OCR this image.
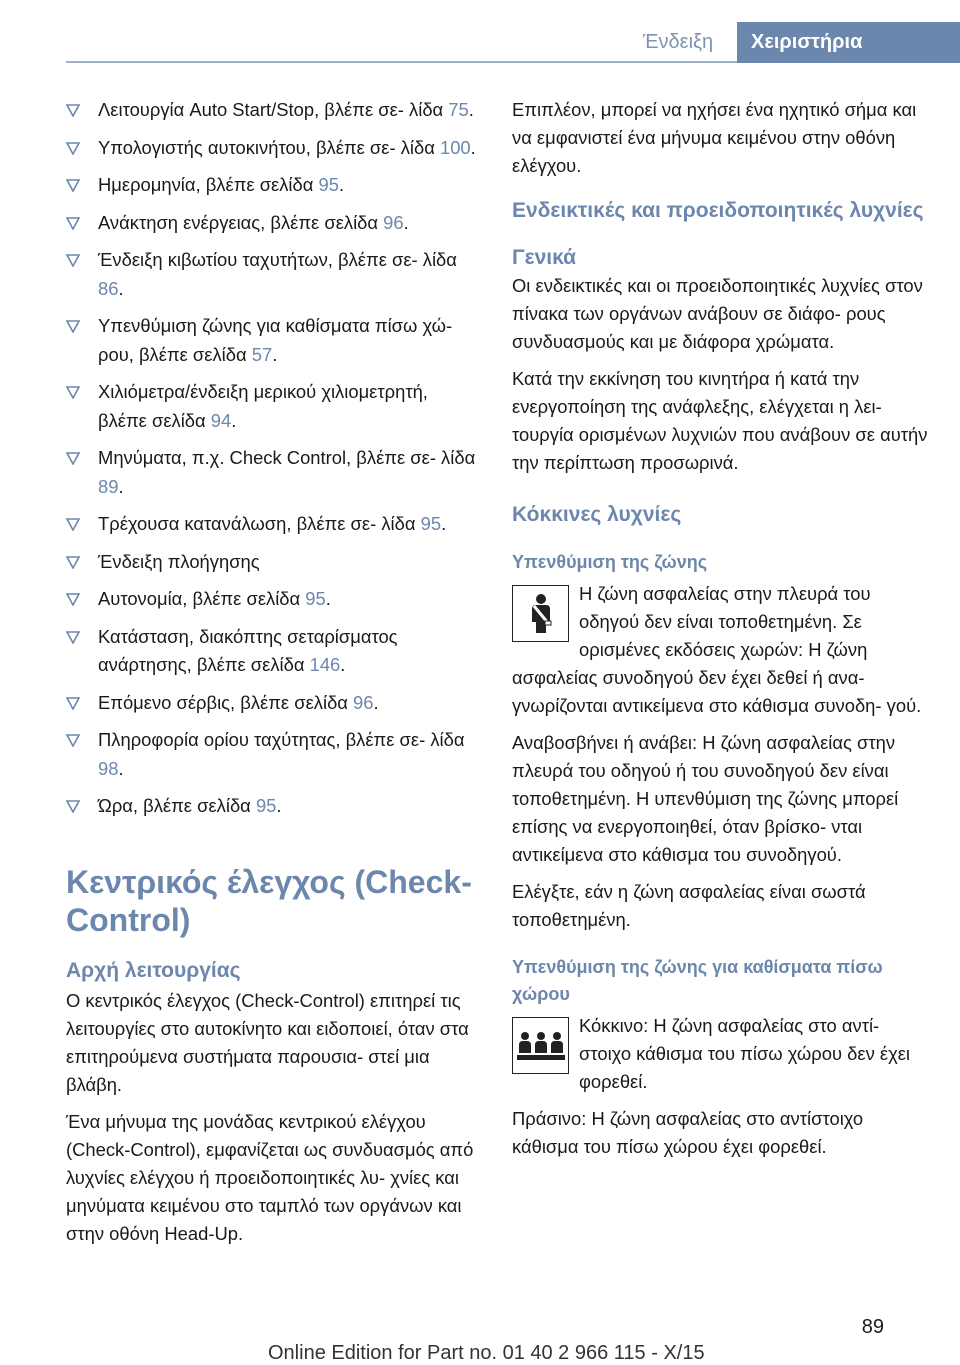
Ένδειξη	Χειριστήρια
Λειτουργία Auto Start/Stop, βλέπε σε‐ λίδα 75.
Υπολογιστής αυτοκινήτου, βλέπε σε‐ λίδα 100.
Ημερομηνία, βλέπε σελίδα 95.
Ανάκτηση ενέργειας, βλέπε σελίδα 96.
Ένδειξη κιβωτίου ταχυτήτων, βλέπε σε‐ λίδα 86.
Υπενθύμιση ζώνης για καθίσματα πίσω χώ‐ ρου, βλέπε σελίδα 57.
Χιλιόμετρα/ένδειξη μερικού χιλιομετρητή, βλέπε σελίδα 94.
Μηνύματα, π.χ. Check Control, βλέπε σε‐ λίδα 89.
Τρέχουσα κατανάλωση, βλέπε σε‐ λίδα 95.
Ένδειξη πλοήγησης
Αυτονομία, βλέπε σελίδα 95.
Κατάσταση, διακόπτης σεταρίσματος ανάρτησης, βλέπε σελίδα 146.
Επόμενο σέρβις, βλέπε σελίδα 96.
Πληροφορία ορίου ταχύτητας, βλέπε σε‐ λίδα 98.
Ώρα, βλέπε σελίδα 95.
Κεντρικός έλεγχος (Check-Control)
Αρχή λειτουργίας

Ο κεντρικός έλεγχος (Check-Control) επιτηρεί τις λειτουργίες στο αυτοκίνητο και ειδοποιεί, όταν στα επιτηρούμενα συστήματα παρουσια‐ στεί μια βλάβη.

Ένα μήνυμα της μονάδας κεντρικού ελέγχου (Check-Control), εμφανίζεται ως συνδυασμός από λυχνίες ελέγχου ή προειδοποιητικές λυ‐ χνίες και μηνύματα κειμένου στο ταμπλό των οργάνων και στην οθόνη Head-Up.

Επιπλέον, μπορεί να ηχήσει ένα ηχητικό σήμα και να εμφανιστεί ένα μήνυμα κειμένου στην οθόνη ελέγχου.

Ενδεικτικές και προειδοποιητικές λυχνίες
Γενικά

Οι ενδεικτικές και οι προειδοποιητικές λυχνίες στον πίνακα των οργάνων ανάβουν σε διάφο‐ ρους συνδυασμούς και με διάφορα χρώματα.

Κατά την εκκίνηση του κινητήρα ή κατά την ενεργοποίηση της ανάφλεξης, ελέγχεται η λει‐ τουργία ορισμένων λυχνιών που ανάβουν σε αυτήν την περίπτωση προσωρινά.

Κόκκινες λυχνίες
Υπενθύμιση της ζώνης

Η ζώνη ασφαλείας στην πλευρά του οδηγού δεν είναι τοποθετημένη. Σε ορισμένες εκδόσεις χωρών: Η ζώνη ασφαλείας συνοδηγού δεν έχει δεθεί ή ανα‐ γνωρίζονται αντικείμενα στο κάθισμα συνοδη‐ γού.

Αναβοσβήνει ή ανάβει: Η ζώνη ασφαλείας στην πλευρά του οδηγού ή του συνοδηγού δεν είναι τοποθετημένη. Η υπενθύμιση της ζώνης μπορεί επίσης να ενεργοποιηθεί, όταν βρίσκο‐ νται αντικείμενα στο κάθισμα του συνοδηγού.

Ελέγξτε, εάν η ζώνη ασφαλείας είναι σωστά τοποθετημένη.

Υπενθύμιση της ζώνης για καθίσματα πίσω χώρου

Κόκκινο: Η ζώνη ασφαλείας στο αντί‐ στοιχο κάθισμα του πίσω χώρου δεν έχει φορεθεί.

Πράσινο: Η ζώνη ασφαλείας στο αντίστοιχο κάθισμα του πίσω χώρου έχει φορεθεί.

89
Online Edition for Part no. 01 40 2 966 115 - X/15
